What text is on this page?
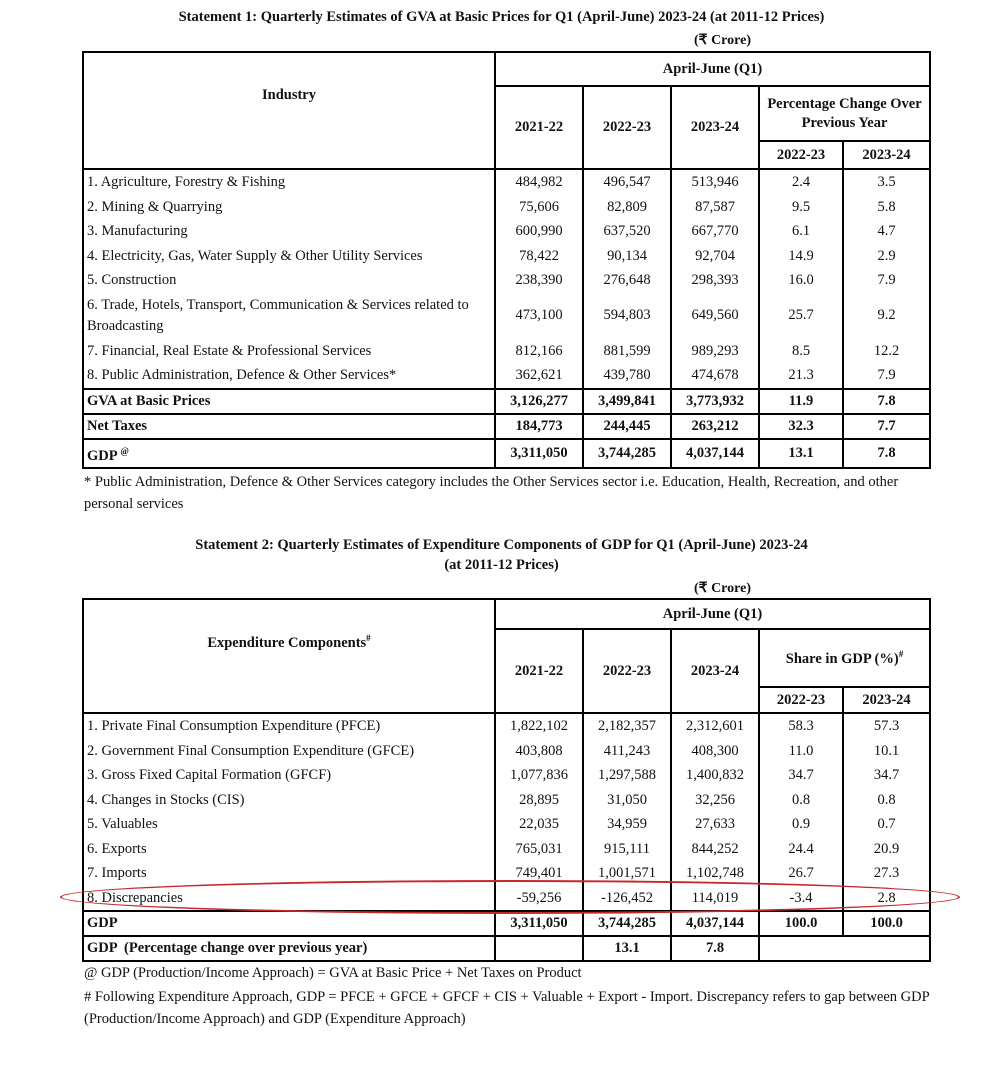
Statement 1: Quarterly Estimates of GVA at Basic Prices for Q1 (April-June) 2023-24 (at 2011-12 Prices)
(₹ Crore)
Industry	April-June (Q1)				
	2021-22	2022-23	2023-24	Percentage Change Over Previous Year	
				2022-23	2023-24
1. Agriculture, Forestry & Fishing	484,982	496,547	513,946	2.4	3.5
2. Mining & Quarrying	75,606	82,809	87,587	9.5	5.8
3. Manufacturing	600,990	637,520	667,770	6.1	4.7
4. Electricity, Gas, Water Supply & Other Utility Services	78,422	90,134	92,704	14.9	2.9
5. Construction	238,390	276,648	298,393	16.0	7.9
6. Trade, Hotels, Transport, Communication & Services related to Broadcasting	473,100	594,803	649,560	25.7	9.2
7. Financial, Real Estate & Professional Services	812,166	881,599	989,293	8.5	12.2
8. Public Administration, Defence & Other Services*	362,621	439,780	474,678	21.3	7.9
GVA at Basic Prices	3,126,277	3,499,841	3,773,932	11.9	7.8
Net Taxes	184,773	244,445	263,212	32.3	7.7
GDP @	3,311,050	3,744,285	4,037,144	13.1	7.8
* Public Administration, Defence & Other Services category includes the Other Services sector i.e. Education, Health, Recreation, and other personal services
Statement 2: Quarterly Estimates of Expenditure Components of GDP for Q1 (April-June) 2023-24
(at 2011-12 Prices)
(₹ Crore)
Expenditure Components#	April-June (Q1)				
	2021-22	2022-23	2023-24	Share in GDP (%)#
				2022-23	2023-24
1. Private Final Consumption Expenditure (PFCE)	1,822,102	2,182,357	2,312,601	58.3	57.3
2. Government Final Consumption Expenditure (GFCE)	403,808	411,243	408,300	11.0	10.1
3. Gross Fixed Capital Formation (GFCF)	1,077,836	1,297,588	1,400,832	34.7	34.7
4. Changes in Stocks (CIS)	28,895	31,050	32,256	0.8	0.8
5. Valuables	22,035	34,959	27,633	0.9	0.7
6. Exports	765,031	915,111	844,252	24.4	20.9
7. Imports	749,401	1,001,571	1,102,748	26.7	27.3
8. Discrepancies	-59,256	-126,452	114,019	-3.4	2.8
GDP	3,311,050	3,744,285	4,037,144	100.0	100.0
GDP  (Percentage change over previous year)		13.1	7.8		
@ GDP (Production/Income Approach) = GVA at Basic Price + Net Taxes on Product
# Following Expenditure Approach, GDP = PFCE + GFCE + GFCF + CIS + Valuable + Export - Import. Discrepancy refers to gap between GDP (Production/Income Approach) and GDP (Expenditure Approach)
